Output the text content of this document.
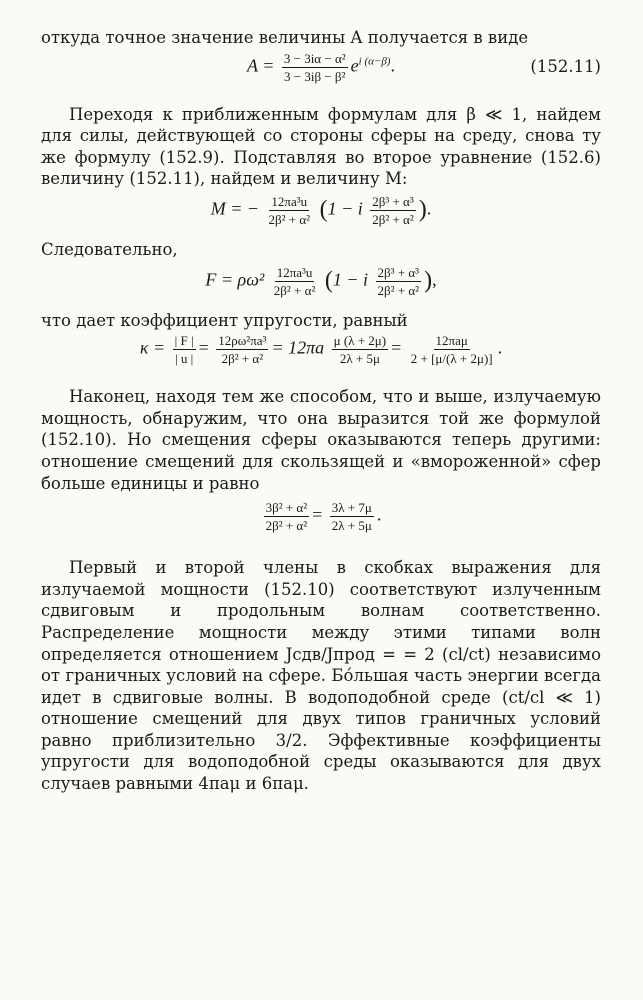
откуда точное значение величины A получается в виде

$A = \frac{\text{3 − 3iα − α²}}{\text{3 − 3iβ − β²}} e^{i (\alpha-\beta)}$.	(152.11)

Переходя к приближенным формулам для β ≪ 1, найдем для силы, действующей со стороны сферы на среду, снова ту же формулу (152.9). Подставляя во второе уравнение (152.6) величину (152.11), найдем и величину M:

M = − $\frac{\text{12πa³u}}{\text{2β² + α²}} (1 - i \frac{\text{2β³ + α³}}{\text{2β² + α²}}$ ).

Следовательно,

$F = \rho\omega^2 \frac{\text{12πa³u}}{\text{2β² + α²}} (1 - i \frac{\text{2β³ + α³}}{\text{2β² + α²}}$ ),

что дает коэффициент упругости, равный

$\kappa = \frac{| F |}{| u |} = \frac{\text{12ρω²πa³}}{\text{2β² + α²}} = 12\pi a \frac{\mu (\lambda + 2\mu)}{2\lambda + 5\mu} = \frac{\text{12πaμ}}{2 + [\mu/(\lambda + 2\mu)]}$ .

Наконец, находя тем же способом, что и выше, излучаемую мощность, обнаружим, что она выразится той же формулой (152.10). Но смещения сферы оказываются теперь другими: отношение смещений для скользящей и «вмороженной» сфер больше единицы и равно

$\frac{\text{3β² + α²}}{\text{2β² + α²}} = \frac{3\lambda + 7\mu}{2\lambda + 5\mu}$ .

Первый и второй члены в скобках выражения для излучаемой мощности (152.10) соответствуют излученным сдвиговым и продольным волнам соответственно. Распределение мощности между этими типами волн определяется отношением Jсдв/Jпрод = = 2 (cl/ct) независимо от граничных условий на сфере. Бо́льшая часть энергии всегда идет в сдвиговые волны. В водоподобной среде (ct/cl ≪ 1) отношение смещений для двух типов граничных условий равно приблизительно 3/2. Эффективные коэффициенты упругости для водоподобной среды оказываются для двух случаев равными 4πaμ и 6πaμ.
